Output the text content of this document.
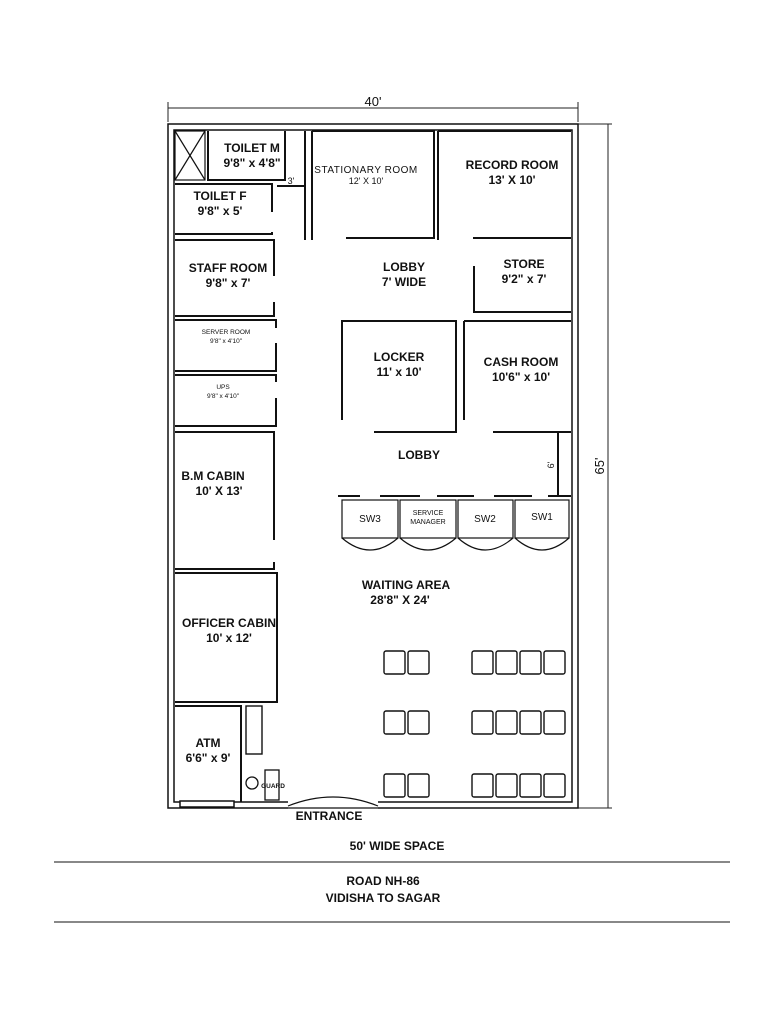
40'
65'
TOILET M
9'8" x 4'8"
3'
TOILET F
9'8" x 5'
STATIONARY ROOM
12' X 10'
RECORD ROOM
13' X 10'
STAFF ROOM
9'8" x 7'
LOBBY
7' WIDE
STORE
9'2" x 7'
SERVER ROOM
9'8" x 4'10"
UPS
9'8" x 4'10"
LOCKER
11' x 10'
CASH ROOM
10'6" x 10'
LOBBY
6'
B.M CABIN
10' X 13'
OFFICER CABIN
10' x 12'
ATM
6'6" x 9'
GUARD
SW3
SERVICE
MANAGER	SW2	SW1
WAITING AREA
28'8" X 24'
ENTRANCE
50' WIDE SPACE
ROAD NH-86
VIDISHA TO SAGAR
